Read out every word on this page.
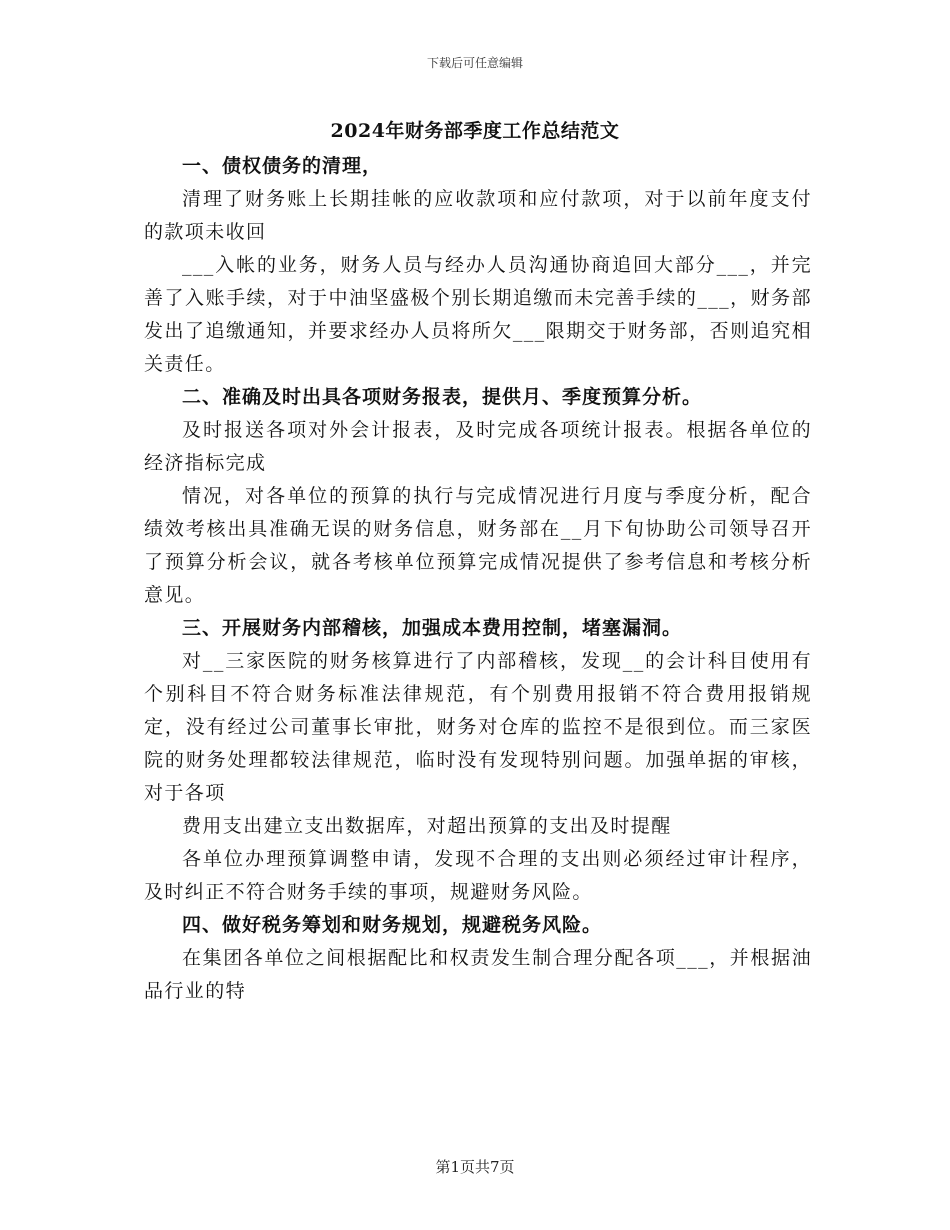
下载后可任意编辑
2024年财务部季度工作总结范文

一、债权债务的清理，

清理了财务账上长期挂帐的应收款项和应付款项，对于以前年度支付的款项未收回

___入帐的业务，财务人员与经办人员沟通协商追回大部分___，并完善了入账手续，对于中油坚盛极个别长期追缴而未完善手续的___，财务部发出了追缴通知，并要求经办人员将所欠___限期交于财务部，否则追究相关责任。

二、准确及时出具各项财务报表，提供月、季度预算分析。

及时报送各项对外会计报表，及时完成各项统计报表。根据各单位的经济指标完成

情况，对各单位的预算的执行与完成情况进行月度与季度分析，配合绩效考核出具准确无误的财务信息，财务部在__月下旬协助公司领导召开了预算分析会议，就各考核单位预算完成情况提供了参考信息和考核分析意见。

三、开展财务内部稽核，加强成本费用控制，堵塞漏洞。

对__三家医院的财务核算进行了内部稽核，发现__的会计科目使用有个别科目不符合财务标准法律规范，有个别费用报销不符合费用报销规定，没有经过公司董事长审批，财务对仓库的监控不是很到位。而三家医院的财务处理都较法律规范，临时没有发现特别问题。加强单据的审核，对于各项

费用支出建立支出数据库，对超出预算的支出及时提醒

各单位办理预算调整申请，发现不合理的支出则必须经过审计程序，及时纠正不符合财务手续的事项，规避财务风险。

四、做好税务筹划和财务规划，规避税务风险。

在集团各单位之间根据配比和权责发生制合理分配各项___，并根据油品行业的特

第1页共7页
